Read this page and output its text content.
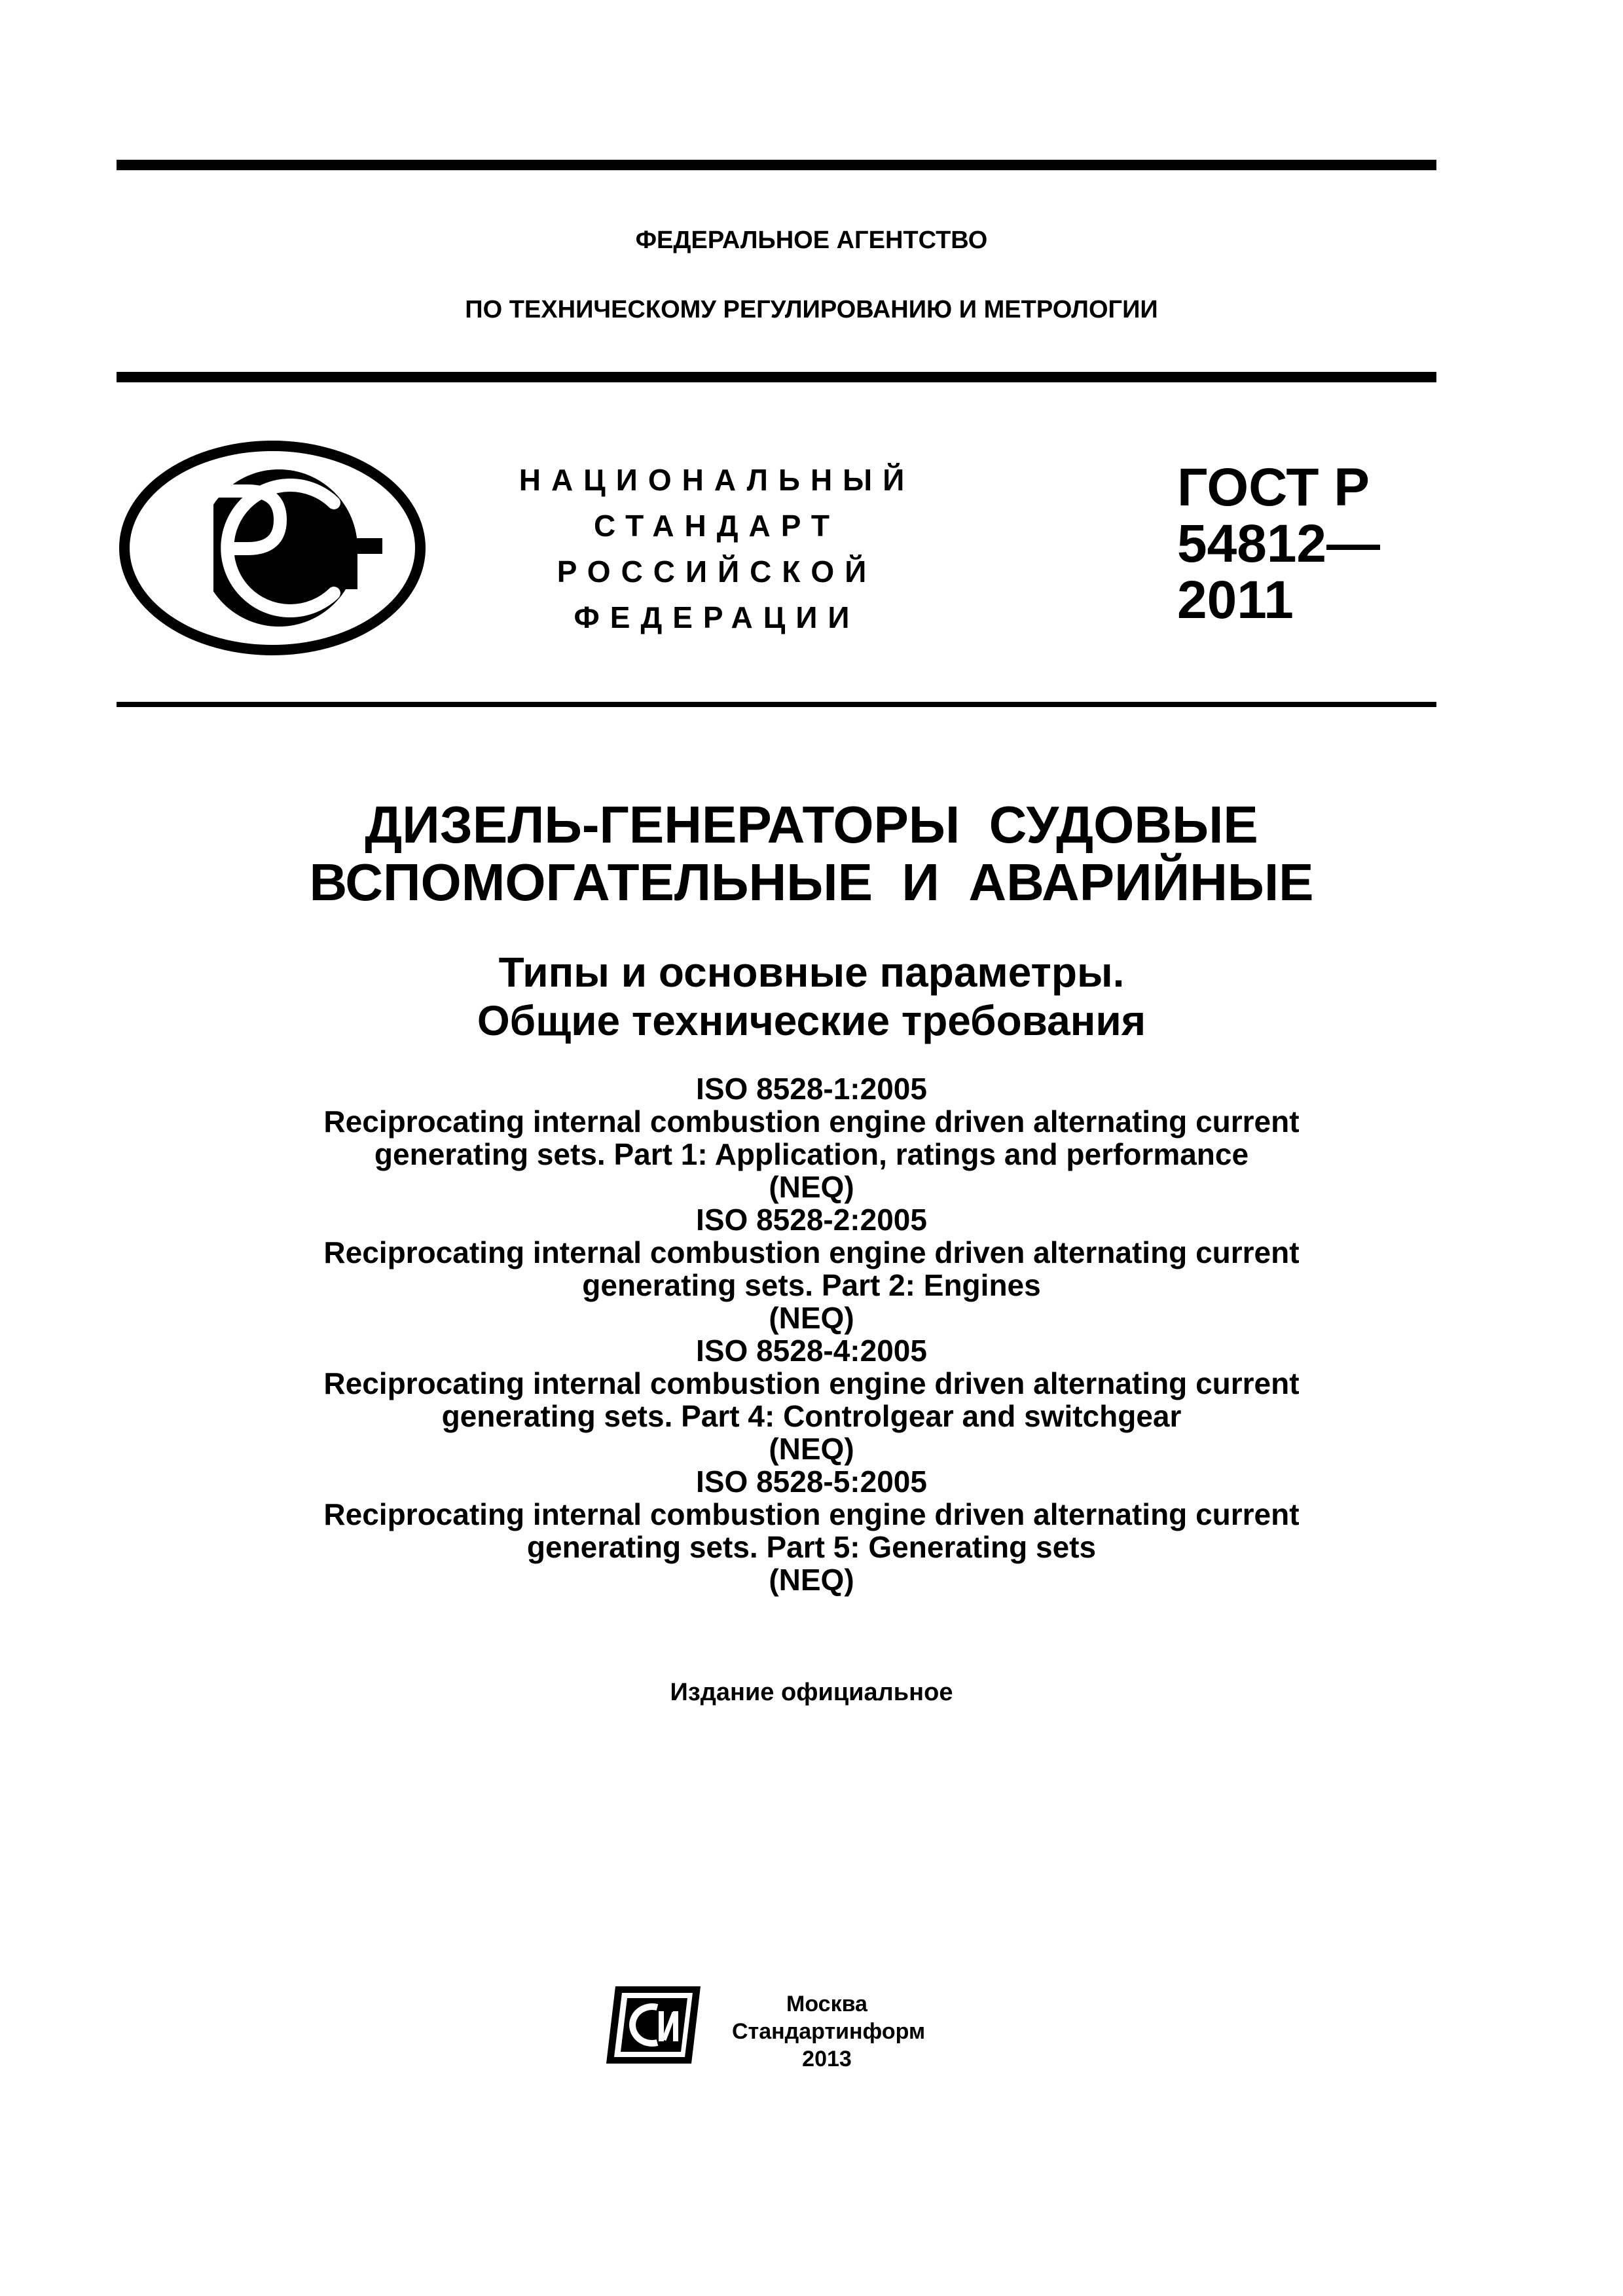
ФЕДЕРАЛЬНОЕ АГЕНТСТВО
ПО ТЕХНИЧЕСКОМУ РЕГУЛИРОВАНИЮ И МЕТРОЛОГИИ
НАЦИОНАЛЬНЫЙ
СТАНДАРТ
РОССИЙСКОЙ
ФЕДЕРАЦИИ
ГОСТ Р
54812—
2011
ДИЗЕЛЬ-ГЕНЕРАТОРЫ  СУДОВЫЕ
ВСПОМОГАТЕЛЬНЫЕ  И  АВАРИЙНЫЕ
Типы и основные параметры.
Общие технические требования
ISO 8528-1:2005
Reciprocating internal combustion engine driven alternating current
generating sets. Part 1: Application, ratings and performance
(NEQ)
ISO 8528-2:2005
Reciprocating internal combustion engine driven alternating current
generating sets. Part 2: Engines
(NEQ)
ISO 8528-4:2005
Reciprocating internal combustion engine driven alternating current
generating sets. Part 4: Controlgear and switchgear
(NEQ)
ISO 8528-5:2005
Reciprocating internal combustion engine driven alternating current
generating sets. Part 5: Generating sets
(NEQ)
Издание официальное
Москва
Стандартинформ
2013
